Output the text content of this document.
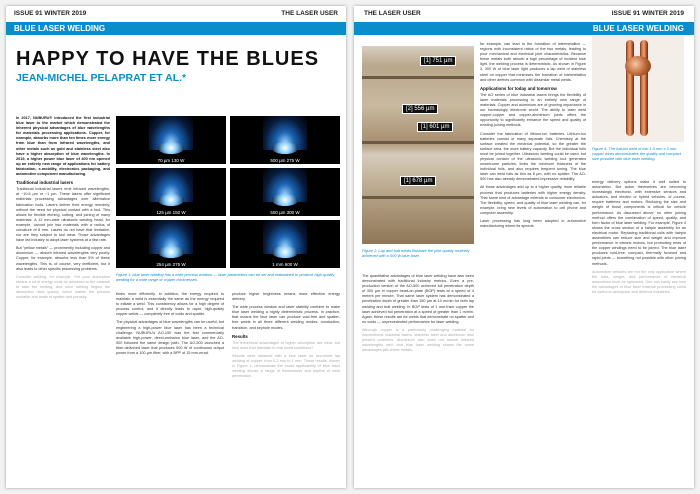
ISSUE 91 WINTER 2019	THE LASER USER
BLUE LASER WELDING
HAPPY TO HAVE THE BLUES
JEAN-MICHEL PELAPRAT ET AL.*

In 2017, NUBURU® introduced the first industrial blue laser to the market which demonstrated the inherent physical advantages of blue wavelengths for materials processing applications. Copper, for example, absorbs more than ten times more energy from blue than from infrared wavelengths, and other metals such as gold and stainless steel also have a higher absorption of blue wavelengths. In 2019, a higher power blue laser of 400 nm opened up an entirely new range of applications for battery fabrication, e-mobility, electronics packaging, and automotive component manufacturing.

Traditional industrial lasers

Traditional industrial lasers emit infrared wavelengths, at ~10.6 µm or ~1 µm. These lasers offer significant materials processing advantages over alternative fabrication tools. Lasers deliver their energy remotely, without the need for physical contact with a tool. This allows for flexible etching, cutting, and joining of many materials. A 12 mm-wide ultrasonic welding head, for example, cannot join two materials with a radius of curvature of 8 mm. Lasers do not have that limitation, nor are they subject to tool wear. Those advantages have led industry to adopt laser systems at a fast rate.

But "yellow metals" — prominently including copper and aluminium — absorb infrared wavelengths very poorly. Copper, for example, absorbs less than 5% of these wavelengths. This is, of course, very inefficient, but it also leads to other specific processing problems.

Consider welding, for example. The poor absorption means a lot of energy must be delivered to the material to start the melting, and once melting begins the absorption rises quickly, which makes the process unstable and leads to spatter and porosity.

70 µm 130 W	500 µm 275 W
125 µm 150 W	500 µm 300 W
254 µm 275 W	1 mm 600 W
Figure 1: blue laser welding has a wide process window — laser parameters can be set and maintained to produce high-quality welding for a wide range of copper thicknesses.

times more efficiently. In addition, the energy required to maintain a weld is essentially the same as the energy required to initiate a weld. This consistency allows for a high degree of process control, and it directly leads to rapid, high-quality copper welds — completely free of voids and spatter.

The physical advantages of blue wavelengths can be useful, but engineering a high-power blue laser has been a technical challenge. NUBURU's AO-150 was the first commercially available high-power, direct-emission blue laser, and the AO-500 followed the same design path. The AO-500 launched a fiber-delivered laser that produces 500 W of continuous output power from a 100-µm fiber, with a BPP of 15 mm-mrad.

produce higher brightness means more effective energy delivery.

The wide process window and laser stability combine to make blue laser welding a highly deterministic process. In practice, that means the blue laser can produce void-free and spatter-free welds in all three different welding modes: conduction, transition, and keyhole modes.

Results

The theoretical advantages of higher absorption are clear, but how does that translate to real world conditions?

Results were obtained with a blue laser for two-sheet lap welding of copper, from 0.2 mm to 1 mm. These results, shown in Figure 1, demonstrate the broad applicability of blue laser welding across a range of thicknesses and depths of weld penetration.

THE LASER USER	ISSUE 91 WINTER 2019
BLUE LASER WELDING
[1] 751 µm
[2] 556 µm
[1] 601 µm
[1] 678 µm
Figure 2: Lap and butt welds illustrate the joint quality routinely achieved with a 500 W blue laser.

The quantitative advantages of blue laser welding have also been demonstrated with traditional industry metrics. Even a pre-production version of the AO-500 achieved full penetration depth of 300 µm in copper bead-on-plate (BOP) tests at a speed of 4 meters per minute. That same laser system has demonstrated a penetration depth of greater than 150 µm at 10 m/min for both lap welding and butt welding. In BOP tests of 1 mm-thick copper the laser achieved full penetration at a speed of greater than 1 m/min. Again, these results are for welds that demonstrate no spatter and no voids — unprecedented performance for laser welding.

Although copper is a particularly challenging material for conventional industrial lasers, stainless steel and aluminium also present problems. Aluminium also does not absorb infrared wavelengths well, and blue laser welding shows the same advantages with these metals.

for example, can lead to the formation of intermetallics — regions with inconsistent ratios of the two metals, leading to poor mechanical and electrical joint characteristics. Because these metals both absorb a high percentage of incident blue light, the welding process is deterministic. As shown in Figure 3, 300 W of blue laser light produces a lap weld of stainless steel on copper that minimises the formation of intermetallics and other defects common with dissimilar metal welds.

Applications for today and tomorrow

The AO series of blue industrial lasers brings the flexibility of laser materials processing to an entirely new range of materials. Copper and aluminium are of growing importance in our increasingly electronic world. The ability to laser weld copper-copper and copper-aluminium joints offers the opportunity to significantly enhance the speed and quality of existing joining methods.

Consider the fabrication of lithium-ion batteries. Lithium-ion batteries consist of many separate foils. Chemistry at the surface created the electrical potential, so the greater the surface area, the more battery capacity. But the individual foils must be joined together. Ultrasonic welding could be used, but physical contact of the ultrasonic welding tool generates unwelcome particles, limits the minimum thickness of the individual foils, and also requires frequent tuning. The blue laser can weld foils as thin as 8 µm, with no spatter. The AO-500 has also already demonstrated impressive reliability.

All those advantages add up to a higher quality, more reliable process that produces batteries with higher energy density. That same kind of advantage extends to consumer electronics. The flexibility, speed, and quality of blue laser welding can, for example, bring new levels of automation to cell phone and computer assembly.

Laser processing has long been adopted in automotive manufacturing where its speeds

Figure 4: The hairpin weld of two 1.5 mm x 3 mm copper wires demonstrates the quality and compact size possible with blue laser welding.

energy delivery options make it well suited to automation. But autos themselves are becoming increasingly electronic, with extensive sensors and actuators, and electric or hybrid vehicles, of course, require batteries and motors. Reducing the size and weight of those components is critical for vehicle performance. As discussed above, no other joining method offers the combination of speed, quality, and form factor of blue laser welding. For example, Figure 4 shows the cross section of a hairpin assembly for an electrical motor. Replacing traditional coils with hairpin assemblies can reduce size and weight and improve performance in electric motors, but protruding ends of the copper windings need to be joined. The blue laser produces void-free, compact, thermally focused and rapid joints — something not possible with other joining methods.

Automotive vehicles are not the only application where the data, weight, and performance of electrical assemblies must be optimised. One can easily see how the advantages of blue laser material processing could be useful to aerospace and defence industries.
